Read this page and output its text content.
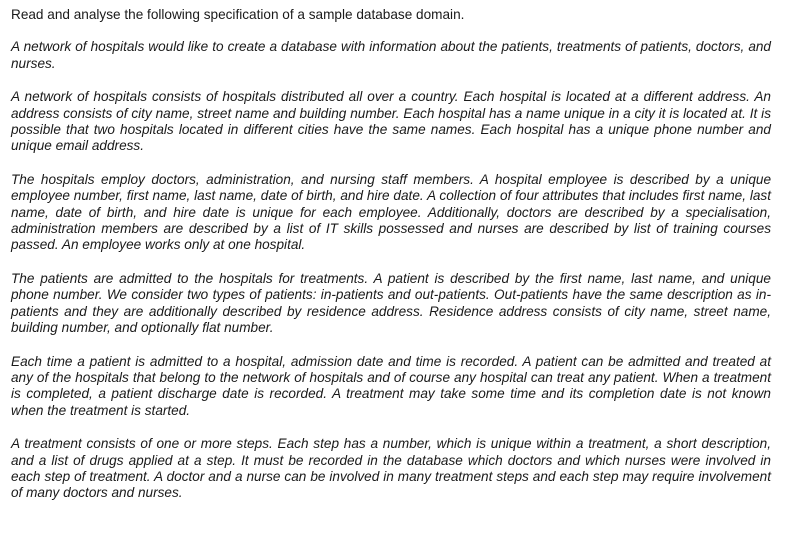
Read and analyse the following specification of a sample database domain.

A network of hospitals would like to create a database with information about the patients, treatments of patients, doctors, and nurses.

A network of hospitals consists of hospitals distributed all over a country. Each hospital is located at a different address. An address consists of city name, street name and building number. Each hospital has a name unique in a city it is located at. It is possible that two hospitals located in different cities have the same names. Each hospital has a unique phone number and unique email address.

The hospitals employ doctors, administration, and nursing staff members. A hospital employee is described by a unique employee number, first name, last name, date of birth, and hire date. A collection of four attributes that includes first name, last name, date of birth, and hire date is unique for each employee. Additionally, doctors are described by a specialisation, administration members are described by a list of IT skills possessed and nurses are described by list of training courses passed. An employee works only at one hospital.

The patients are admitted to the hospitals for treatments. A patient is described by the first name, last name, and unique phone number. We consider two types of patients: in-patients and out-patients. Out-patients have the same description as in-patients and they are additionally described by residence address. Residence address consists of city name, street name, building number, and optionally flat number.

Each time a patient is admitted to a hospital, admission date and time is recorded. A patient can be admitted and treated at any of the hospitals that belong to the network of hospitals and of course any hospital can treat any patient. When a treatment is completed, a patient discharge date is recorded. A treatment may take some time and its completion date is not known when the treatment is started.

A treatment consists of one or more steps. Each step has a number, which is unique within a treatment, a short description, and a list of drugs applied at a step. It must be recorded in the database which doctors and which nurses were involved in each step of treatment. A doctor and a nurse can be involved in many treatment steps and each step may require involvement of many doctors and nurses.
